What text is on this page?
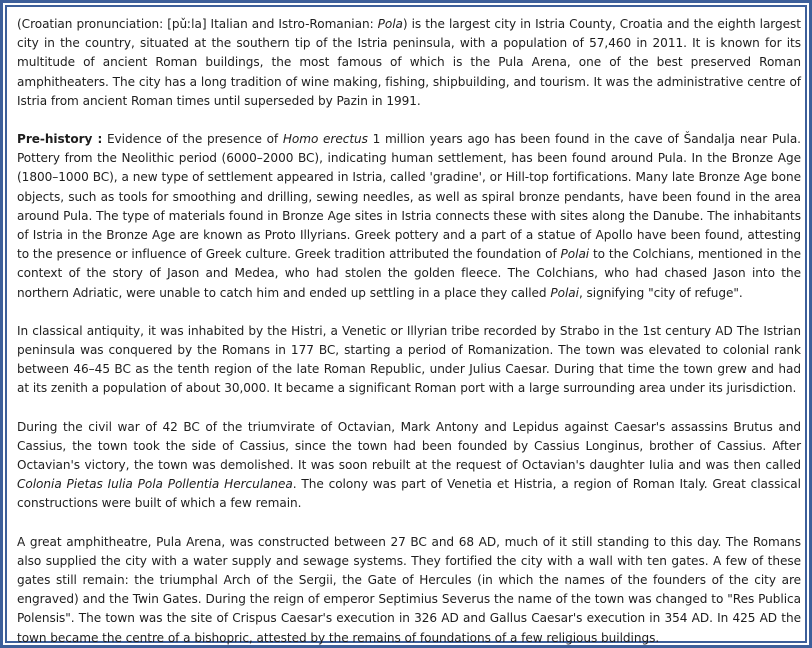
(Croatian pronunciation: [pǔːla] Italian and Istro-Romanian: Pola) is the largest city in Istria County, Croatia and the eighth largest city in the country, situated at the southern tip of the Istria peninsula, with a population of 57,460 in 2011. It is known for its multitude of ancient Roman buildings, the most famous of which is the Pula Arena, one of the best preserved Roman amphitheaters. The city has a long tradition of wine making, fishing, shipbuilding, and tourism. It was the administrative centre of Istria from ancient Roman times until superseded by Pazin in 1991.

Pre-history : Evidence of the presence of Homo erectus 1 million years ago has been found in the cave of Šandalja near Pula. Pottery from the Neolithic period (6000–2000 BC), indicating human settlement, has been found around Pula. In the Bronze Age (1800–1000 BC), a new type of settlement appeared in Istria, called 'gradine', or Hill-top fortifications. Many late Bronze Age bone objects, such as tools for smoothing and drilling, sewing needles, as well as spiral bronze pendants, have been found in the area around Pula. The type of materials found in Bronze Age sites in Istria connects these with sites along the Danube. The inhabitants of Istria in the Bronze Age are known as Proto Illyrians. Greek pottery and a part of a statue of Apollo have been found, attesting to the presence or influence of Greek culture. Greek tradition attributed the foundation of Polai to the Colchians, mentioned in the context of the story of Jason and Medea, who had stolen the golden fleece. The Colchians, who had chased Jason into the northern Adriatic, were unable to catch him and ended up settling in a place they called Polai, signifying "city of refuge".

In classical antiquity, it was inhabited by the Histri, a Venetic or Illyrian tribe recorded by Strabo in the 1st century AD The Istrian peninsula was conquered by the Romans in 177 BC, starting a period of Romanization. The town was elevated to colonial rank between 46–45 BC as the tenth region of the late Roman Republic, under Julius Caesar. During that time the town grew and had at its zenith a population of about 30,000. It became a significant Roman port with a large surrounding area under its jurisdiction.

During the civil war of 42 BC of the triumvirate of Octavian, Mark Antony and Lepidus against Caesar's assassins Brutus and Cassius, the town took the side of Cassius, since the town had been founded by Cassius Longinus, brother of Cassius. After Octavian's victory, the town was demolished. It was soon rebuilt at the request of Octavian's daughter Iulia and was then called Colonia Pietas Iulia Pola Pollentia Herculanea. The colony was part of Venetia et Histria, a region of Roman Italy. Great classical constructions were built of which a few remain.

A great amphitheatre, Pula Arena, was constructed between 27 BC and 68 AD, much of it still standing to this day. The Romans also supplied the city with a water supply and sewage systems. They fortified the city with a wall with ten gates. A few of these gates still remain: the triumphal Arch of the Sergii, the Gate of Hercules (in which the names of the founders of the city are engraved) and the Twin Gates. During the reign of emperor Septimius Severus the name of the town was changed to "Res Publica Polensis". The town was the site of Crispus Caesar's execution in 326 AD and Gallus Caesar's execution in 354 AD. In 425 AD the town became the centre of a bishopric, attested by the remains of foundations of a few religious buildings.
